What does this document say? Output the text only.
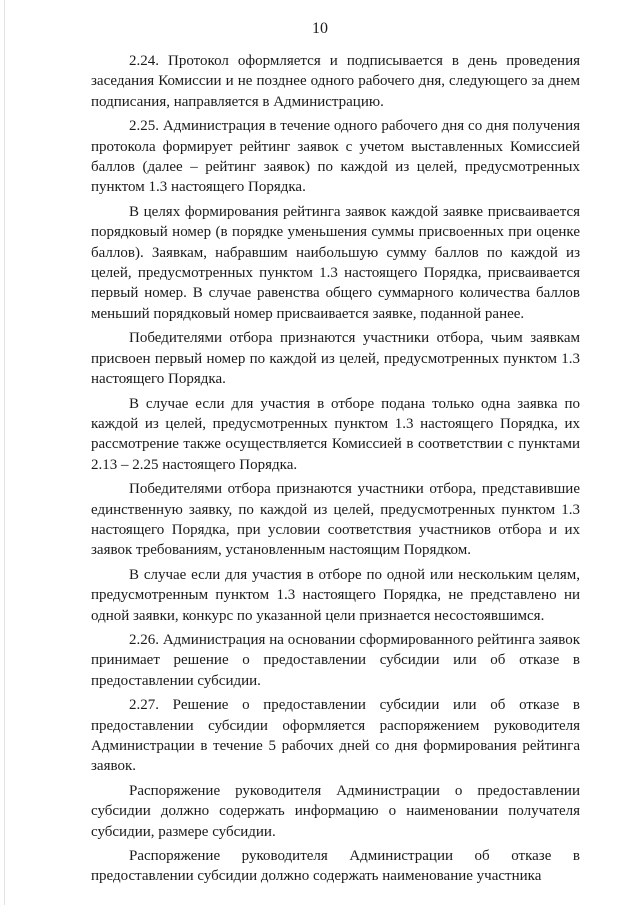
10

2.24. Протокол оформляется и подписывается в день проведения заседания Комиссии и не позднее одного рабочего дня, следующего за днем подписания, направляется в Администрацию.

2.25. Администрация в течение одного рабочего дня со дня получения протокола формирует рейтинг заявок с учетом выставленных Комиссией баллов (далее – рейтинг заявок) по каждой из целей, предусмотренных пунктом 1.3 настоящего Порядка.

В целях формирования рейтинга заявок каждой заявке присваивается порядковый номер (в порядке уменьшения суммы присвоенных при оценке баллов). Заявкам, набравшим наибольшую сумму баллов по каждой из целей, предусмотренных пунктом 1.3 настоящего Порядка, присваивается первый номер. В случае равенства общего суммарного количества баллов меньший порядковый номер присваивается заявке, поданной ранее.

Победителями отбора признаются участники отбора, чьим заявкам присвоен первый номер по каждой из целей, предусмотренных пунктом 1.3 настоящего Порядка.

В случае если для участия в отборе подана только одна заявка по каждой из целей, предусмотренных пунктом 1.3 настоящего Порядка, их рассмотрение также осуществляется Комиссией в соответствии с пунктами 2.13 – 2.25 настоящего Порядка.

Победителями отбора признаются участники отбора, представившие единственную заявку, по каждой из целей, предусмотренных пунктом 1.3 настоящего Порядка, при условии соответствия участников отбора и их заявок требованиям, установленным настоящим Порядком.

В случае если для участия в отборе по одной или нескольким целям, предусмотренным пунктом 1.3 настоящего Порядка, не представлено ни одной заявки, конкурс по указанной цели признается несостоявшимся.

2.26. Администрация на основании сформированного рейтинга заявок принимает решение о предоставлении субсидии или об отказе в предоставлении субсидии.

2.27. Решение о предоставлении субсидии или об отказе в предоставлении субсидии оформляется распоряжением руководителя Администрации в течение 5 рабочих дней со дня формирования рейтинга заявок.

Распоряжение руководителя Администрации о предоставлении субсидии должно содержать информацию о наименовании получателя субсидии, размере субсидии.

Распоряжение руководителя Администрации об отказе в предоставлении субсидии должно содержать наименование участника
